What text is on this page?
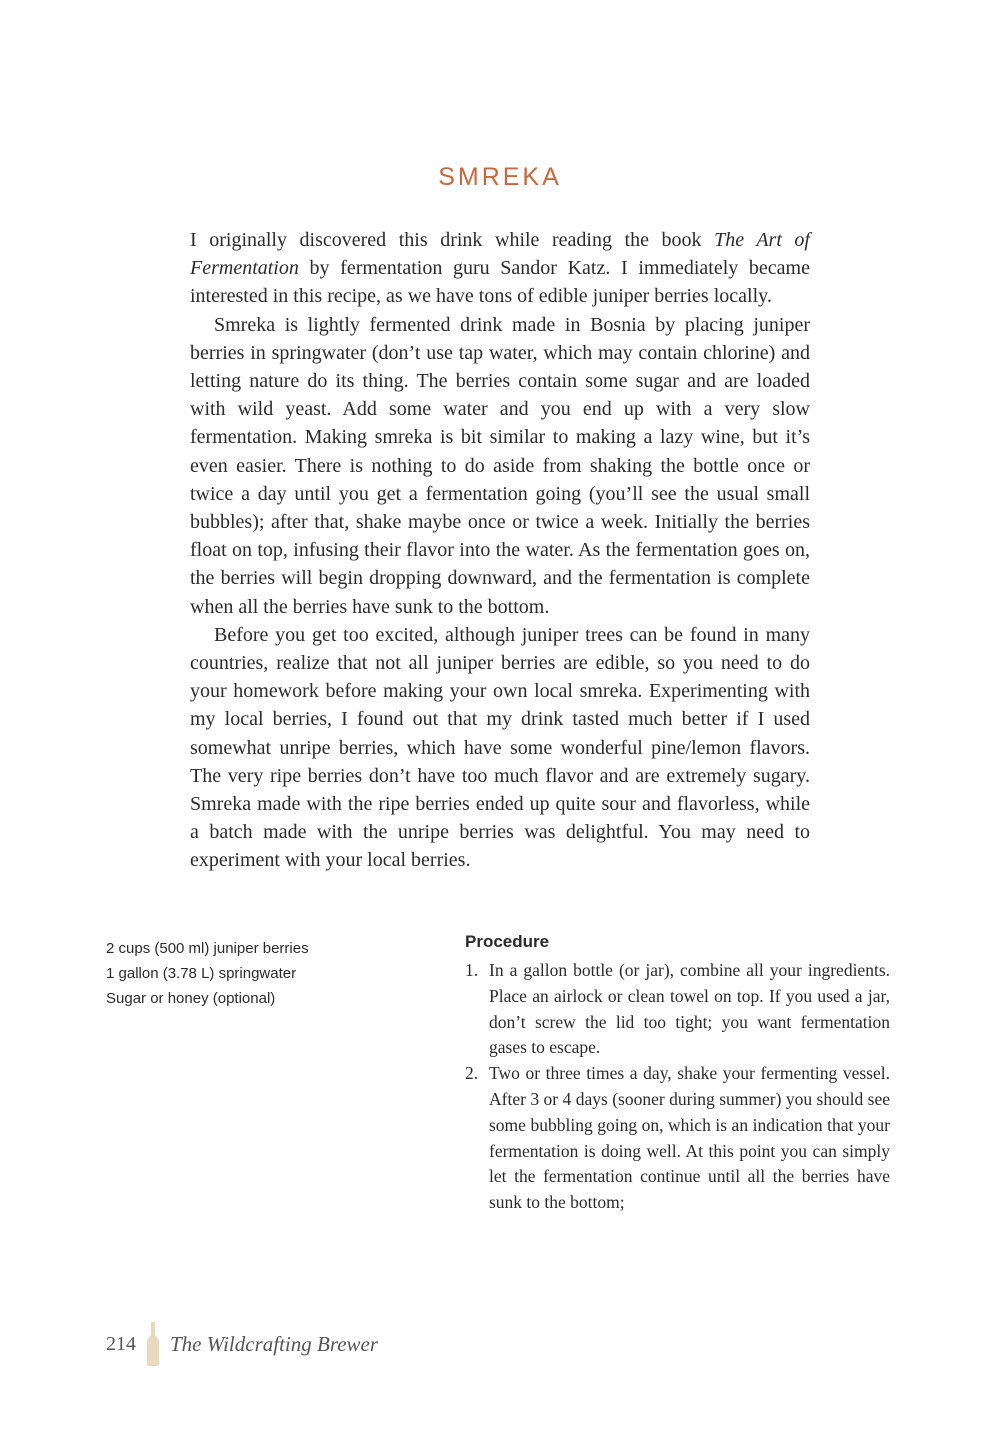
SMREKA

I originally discovered this drink while reading the book The Art of Fermentation by fermentation guru Sandor Katz. I immediately became interested in this recipe, as we have tons of edible juniper berries locally.

Smreka is lightly fermented drink made in Bosnia by placing juniper berries in springwater (don’t use tap water, which may contain chlorine) and letting nature do its thing. The berries contain some sugar and are loaded with wild yeast. Add some water and you end up with a very slow fermentation. Making smreka is bit similar to making a lazy wine, but it’s even easier. There is nothing to do aside from shaking the bottle once or twice a day until you get a fermentation going (you’ll see the usual small bubbles); after that, shake maybe once or twice a week. Initially the berries float on top, infusing their flavor into the water. As the fermentation goes on, the berries will begin dropping downward, and the fermentation is complete when all the berries have sunk to the bottom.

Before you get too excited, although juniper trees can be found in many countries, realize that not all juniper berries are edible, so you need to do your homework before making your own local smreka. Experimenting with my local berries, I found out that my drink tasted much better if I used somewhat unripe berries, which have some wonderful pine/lemon flavors. The very ripe berries don’t have too much flavor and are extremely sugary. Smreka made with the ripe berries ended up quite sour and flavorless, while a batch made with the unripe berries was delightful. You may need to experiment with your local berries.

2 cups (500 ml) juniper berries
1 gallon (3.78 L) springwater
Sugar or honey (optional)
Procedure
1. In a gallon bottle (or jar), combine all your ingredients. Place an airlock or clean towel on top. If you used a jar, don’t screw the lid too tight; you want fermentation gases to escape.
2. Two or three times a day, shake your fermenting vessel. After 3 or 4 days (sooner during summer) you should see some bubbling going on, which is an indication that your fermentation is doing well. At this point you can simply let the fermentation continue until all the berries have sunk to the bottom;
214 The Wildcrafting Brewer
